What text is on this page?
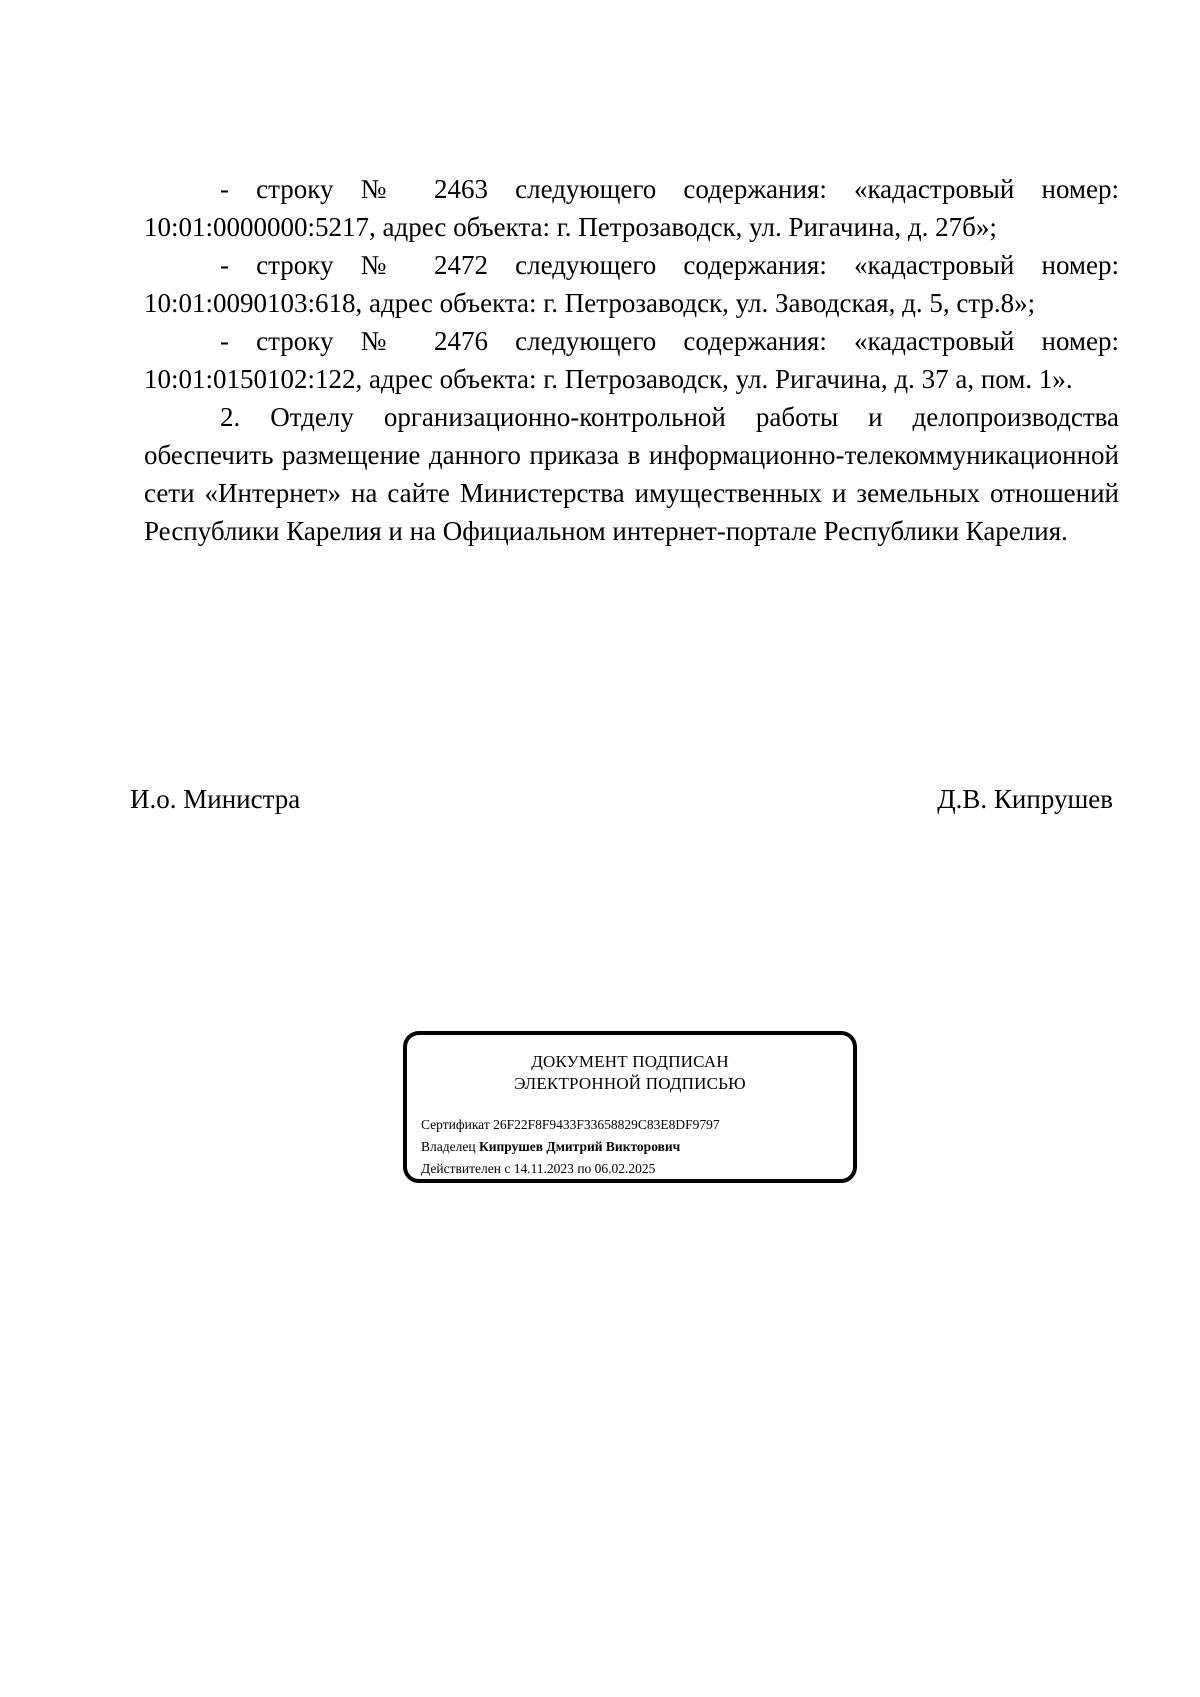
- строку № 2463 следующего содержания: «кадастровый номер: 10:01:0000000:5217, адрес объекта: г. Петрозаводск, ул. Ригачина, д. 27б»;

- строку № 2472 следующего содержания: «кадастровый номер: 10:01:0090103:618, адрес объекта: г. Петрозаводск, ул. Заводская, д. 5, стр.8»;

- строку № 2476 следующего содержания: «кадастровый номер: 10:01:0150102:122, адрес объекта: г. Петрозаводск, ул. Ригачина, д. 37 а, пом. 1».

2. Отделу организационно-контрольной работы и делопроизводства обеспечить размещение данного приказа в информационно-телекоммуникационной сети «Интернет» на сайте Министерства имущественных и земельных отношений Республики Карелия и на Официальном интернет-портале Республики Карелия.

И.о. Министра	Д.В. Кипрушев
ДОКУМЕНТ ПОДПИСАН
ЭЛЕКТРОННОЙ ПОДПИСЬЮ
Сертификат 26F22F8F9433F33658829C83E8DF9797
Владелец Кипрушев Дмитрий Викторович
Действителен с 14.11.2023 по 06.02.2025
